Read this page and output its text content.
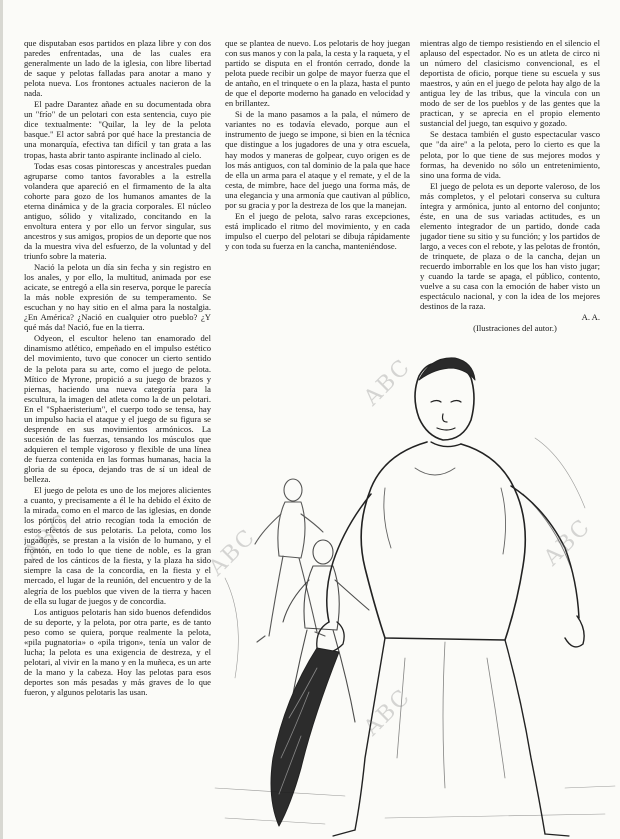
que disputaban esos partidos en plaza libre y con dos paredes enfrentadas, una de las cuales era generalmente un lado de la iglesia, con libre libertad de saque y pelotas falladas para anotar a mano y pelota nueva. Los frontones actuales nacieron de la nada.

El padre Darantez añade en su documentada obra un "frío" de un pelotari con esta sentencia, cuyo pie dice textualmente: "Quilar, la ley de la pelota basque." El actor sabrá por qué hace la prestancia de una monarquía, efectiva tan difícil y tan grata a las tropas, hasta abrir tanto aspirante inclinado al cielo.

Todas esas cosas pintorescas y ancestrales puedan agruparse como tantos favorables a la estrella volandera que apareció en el firmamento de la alta cohorte para gozo de los humanos amantes de la eterna dinámica y de la gracia corporales. El núcleo antiguo, sólido y vitalizado, concitando en la envoltura entera y por ello un fervor singular, sus ancestros y sus amigos, propios de un deporte que nos da la muestra viva del esfuerzo, de la voluntad y del triunfo sobre la materia.

Nació la pelota un día sin fecha y sin registro en los anales, y por ello, la multitud, animada por ese acicate, se entregó a ella sin reserva, porque le parecía la más noble expresión de su temperamento. Se escuchan y no hay sitio en el alma para la nostalgia. ¿En América? ¿Nació en cualquier otro pueblo? ¿Y qué más da! Nació, fue en la tierra.

Odyeon, el escultor heleno tan enamorado del dinamismo atlético, empeñado en el impulso estético del movimiento, tuvo que conocer un cierto sentido de la pelota para su arte, como el juego de pelota. Mítico de Myrone, propició a su juego de brazos y piernas, haciendo una nueva categoría para la escultura, la imagen del atleta como la de un pelotari. En el "Sphaeristerium", el cuerpo todo se tensa, hay un impulso hacia el ataque y el juego de su figura se desprende en sus movimientos armónicos. La sucesión de las fuerzas, tensando los músculos que adquieren el temple vigoroso y flexible de una línea de fuerza contenida en las formas humanas, hacia la gloria de su época, dejando tras de sí un ideal de belleza.

El juego de pelota es uno de los mejores alicientes a cuanto, y precisamente a él le ha debido el éxito de la mirada, como en el marco de las iglesias, en donde los pórticos del atrio recogían toda la emoción de estos efectos de sus pelotaris. La pelota, como los jugadores, se prestan a la visión de lo humano, y el frontón, en todo lo que tiene de noble, es la gran pared de los cánticos de la fiesta, y la plaza ha sido siempre la casa de la concordia, en la fiesta y el mercado, el lugar de la reunión, del encuentro y de la alegría de los pueblos que viven de la tierra y hacen de ella su lugar de juegos y de concordia.

Los antiguos pelotaris han sido buenos defendidos de su deporte, y la pelota, por otra parte, es de tanto peso como se quiera, porque realmente la pelota, «pila pugnatoria» o «pila trigon», tenía un valor de lucha; la pelota es una exigencia de destreza, y el pelotari, al vivir en la mano y en la muñeca, es un arte de la mano y la cabeza. Hoy las pelotas para esos deportes son más pesadas y más graves de lo que fueron, y algunos pelotaris las usan.

que se plantea de nuevo. Los pelotaris de hoy juegan con sus manos y con la pala, la cesta y la raqueta, y el partido se disputa en el frontón cerrado, donde la pelota puede recibir un golpe de mayor fuerza que el de antaño, en el trinquete o en la plaza, hasta el punto de que el deporte moderno ha ganado en velocidad y en brillantez.

Si de la mano pasamos a la pala, el número de variantes no es todavía elevado, porque aun el instrumento de juego se impone, si bien en la técnica que distingue a los jugadores de una y otra escuela, hay modos y maneras de golpear, cuyo origen es de los más antiguos, con tal dominio de la pala que hace de ella un arma para el ataque y el remate, y el de la cesta, de mimbre, hace del juego una forma más, de una elegancia y una armonía que cautivan al público, por su gracia y por la destreza de los que la manejan.

En el juego de pelota, salvo raras excepciones, está implicado el ritmo del movimiento, y en cada impulso el cuerpo del pelotari se dibuja rápidamente y con toda su fuerza en la cancha, manteniéndose.

mientras algo de tiempo resistiendo en el silencio el aplauso del espectador. No es un atleta de circo ni un número del clasicismo convencional, es el deportista de oficio, porque tiene su escuela y sus maestros, y aún en el juego de pelota hay algo de la antigua ley de las tribus, que la vincula con un modo de ser de los pueblos y de las gentes que la practican, y se aprecia en el propio elemento sustancial del juego, tan esquivo y gozado.

Se destaca también el gusto espectacular vasco que "da aire" a la pelota, pero lo cierto es que la pelota, por lo que tiene de sus mejores modos y formas, ha devenido no sólo un entretenimiento, sino una forma de vida.

El juego de pelota es un deporte valeroso, de los más completos, y el pelotari conserva su cultura íntegra y armónica, junto al entorno del conjunto; éste, en una de sus variadas actitudes, es un elemento integrador de un partido, donde cada jugador tiene su sitio y su función; y los partidos de largo, a veces con el rebote, y las pelotas de frontón, de trinquete, de plaza o de la cancha, dejan un recuerdo imborrable en los que los han visto jugar; y cuando la tarde se apaga, el público, contento, vuelve a su casa con la emoción de haber visto un espectáculo nacional, y con la idea de los mejores destinos de la raza.

A. A.

(Ilustraciones del autor.)

ABC
ABC	ABC
ABC
ABC
